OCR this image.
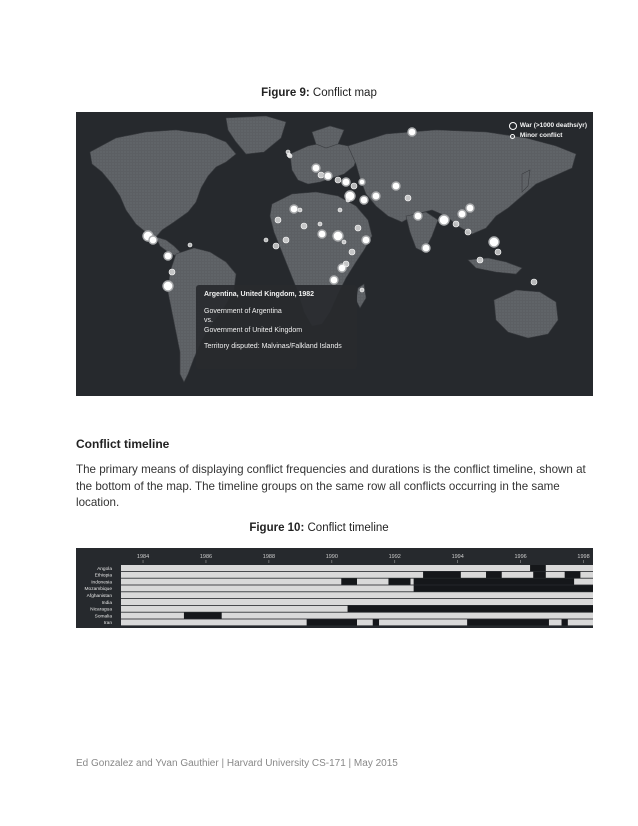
Figure 9: Conflict map
War (>1000 deaths/yr)
Minor conflict
Argentina, United Kingdom, 1982
Government of Argentina
vs.
Government of United Kingdom
Territory disputed: Malvinas/Falkland Islands
Conflict timeline
The primary means of displaying conflict frequencies and durations is the conflict timeline, shown at the bottom of the map. The timeline groups on the same row all conflicts occurring in the same location.
Figure 10: Conflict timeline
1984	1986	1988	1990	1992	1994	1996	1998
Angola
Ethiopia
Indonesia
Mozambique
Afghanistan
India
Nicaragua
Somalia
Iran
Ed Gonzalez and Yvan Gauthier | Harvard University CS-171 | May 2015
